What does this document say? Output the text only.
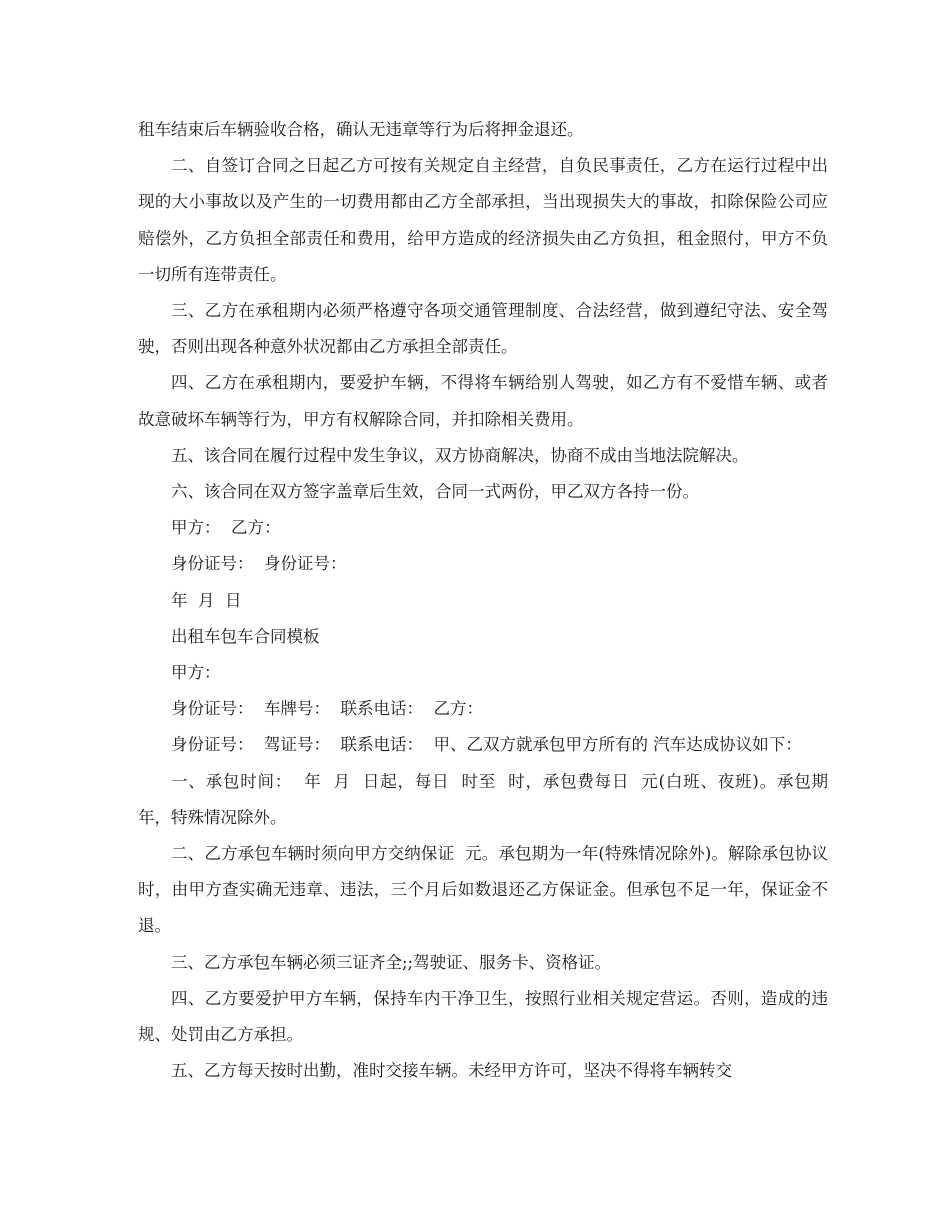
租车结束后车辆验收合格，确认无违章等行为后将押金退还。

二、自签订合同之日起乙方可按有关规定自主经营，自负民事责任，乙方在运行过程中出现的大小事故以及产生的一切费用都由乙方全部承担，当出现损失大的事故，扣除保险公司应赔偿外，乙方负担全部责任和费用，给甲方造成的经济损失由乙方负担，租金照付，甲方不负一切所有连带责任。

三、乙方在承租期内必须严格遵守各项交通管理制度、合法经营，做到遵纪守法、安全驾驶，否则出现各种意外状况都由乙方承担全部责任。

四、乙方在承租期内，要爱护车辆，不得将车辆给别人驾驶，如乙方有不爱惜车辆、或者故意破坏车辆等行为，甲方有权解除合同，并扣除相关费用。

五、该合同在履行过程中发生争议，双方协商解决，协商不成由当地法院解决。

六、该合同在双方签字盖章后生效，合同一式两份，甲乙双方各持一份。

甲方：  乙方：

身份证号：  身份证号：

年  月  日

出租车包车合同模板

甲方：

身份证号：  车牌号：  联系电话：  乙方：

身份证号：  驾证号：  联系电话：  甲、乙双方就承包甲方所有的 汽车达成协议如下：

一、承包时间：  年  月  日起，每日  时至  时，承包费每日  元(白班、夜班)。承包期  年，特殊情况除外。

二、乙方承包车辆时须向甲方交纳保证  元。承包期为一年(特殊情况除外)。解除承包协议时，由甲方查实确无违章、违法，三个月后如数退还乙方保证金。但承包不足一年，保证金不退。

三、乙方承包车辆必须三证齐全;;驾驶证、服务卡、资格证。

四、乙方要爱护甲方车辆，保持车内干净卫生，按照行业相关规定营运。否则，造成的违规、处罚由乙方承担。

五、乙方每天按时出勤，准时交接车辆。未经甲方许可，坚决不得将车辆转交
